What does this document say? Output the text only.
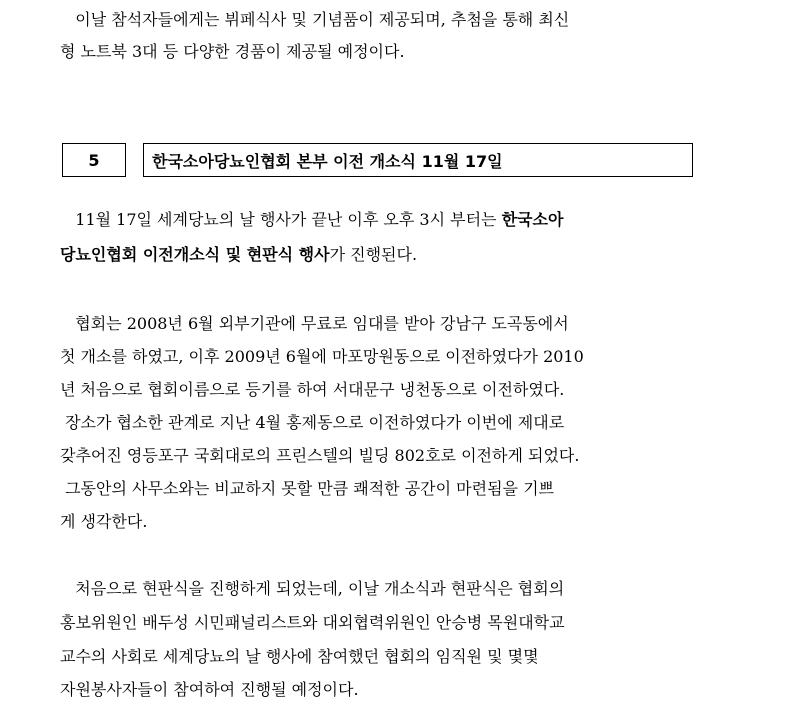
이날 참석자들에게는 뷔페식사 및 기념품이 제공되며, 추첨을 통해 최신
형 노트북 3대 등 다양한 경품이 제공될 예정이다.
5	한국소아당뇨인협회 본부 이전 개소식 11월 17일
11월 17일 세계당뇨의 날 행사가 끝난 이후 오후 3시 부터는 한국소아
당뇨인협회 이전개소식 및 현판식 행사가 진행된다.
협회는 2008년 6월 외부기관에 무료로 임대를 받아 강남구 도곡동에서
첫 개소를 하였고, 이후 2009년 6월에 마포망원동으로 이전하였다가 2010
년 처음으로 협회이름으로 등기를 하여 서대문구 냉천동으로 이전하였다.
장소가 협소한 관계로 지난 4월 홍제동으로 이전하였다가 이번에 제대로
갖추어진 영등포구 국회대로의 프린스텔의 빌딩 802호로 이전하게 되었다.
그동안의 사무소와는 비교하지 못할 만큼 쾌적한 공간이 마련됨을 기쁘
게 생각한다.
처음으로 현판식을 진행하게 되었는데, 이날 개소식과 현판식은 협회의
홍보위원인 배두성 시민패널리스트와 대외협력위원인 안승병 목원대학교
교수의 사회로 세계당뇨의 날 행사에 참여했던 협회의 임직원 및 몇몇
자원봉사자들이 참여하여 진행될 예정이다.
